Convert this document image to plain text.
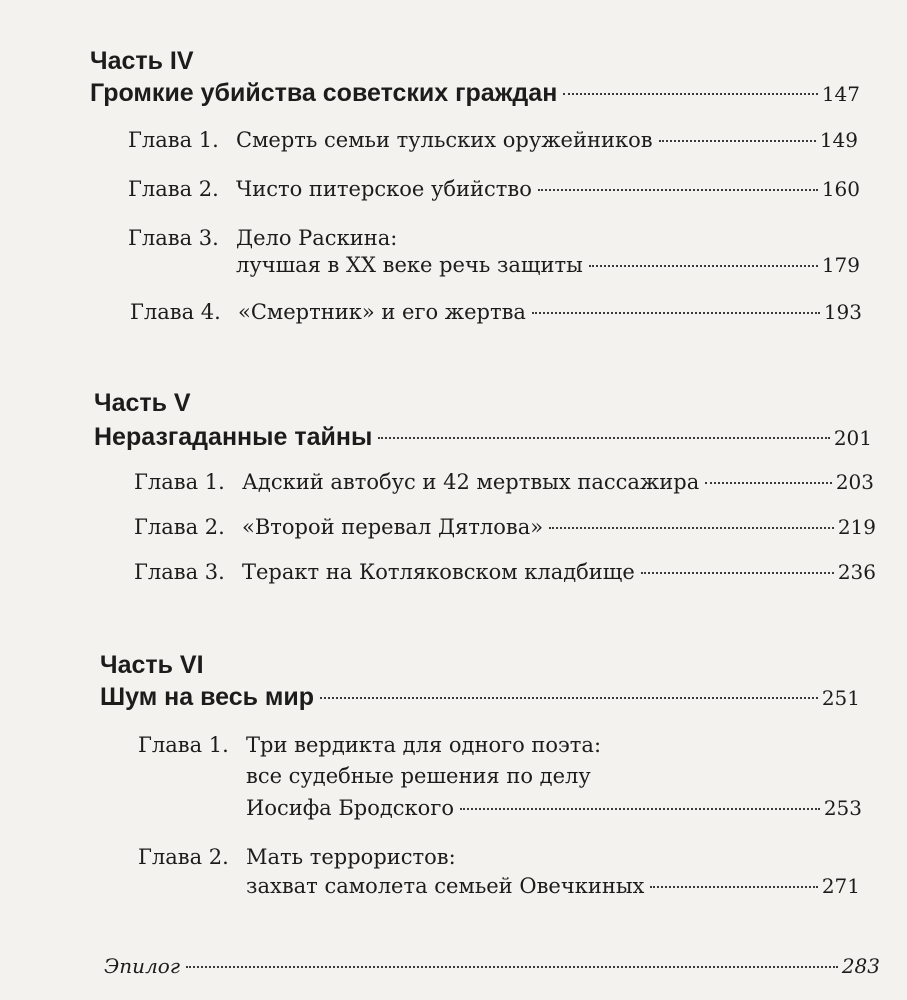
Часть IV
Громкие убийства советских граждан	147
Глава 1. Смерть семьи тульских оружейников	149
Глава 2. Чисто питерское убийство	160
Глава 3. Дело Раскина:
лучшая в XX веке речь защиты	179
Глава 4. «Смертник» и его жертва	193
Часть V
Неразгаданные тайны	201
Глава 1. Адский автобус и 42 мертвых пассажира	203
Глава 2. «Второй перевал Дятлова»	219
Глава 3. Теракт на Котляковском кладбище	236
Часть VI
Шум на весь мир	251
Глава 1. Три вердикта для одного поэта:
все судебные решения по делу
Иосифа Бродского	253
Глава 2. Мать террористов:
захват самолета семьей Овечкиных	271
Эпилог	283
